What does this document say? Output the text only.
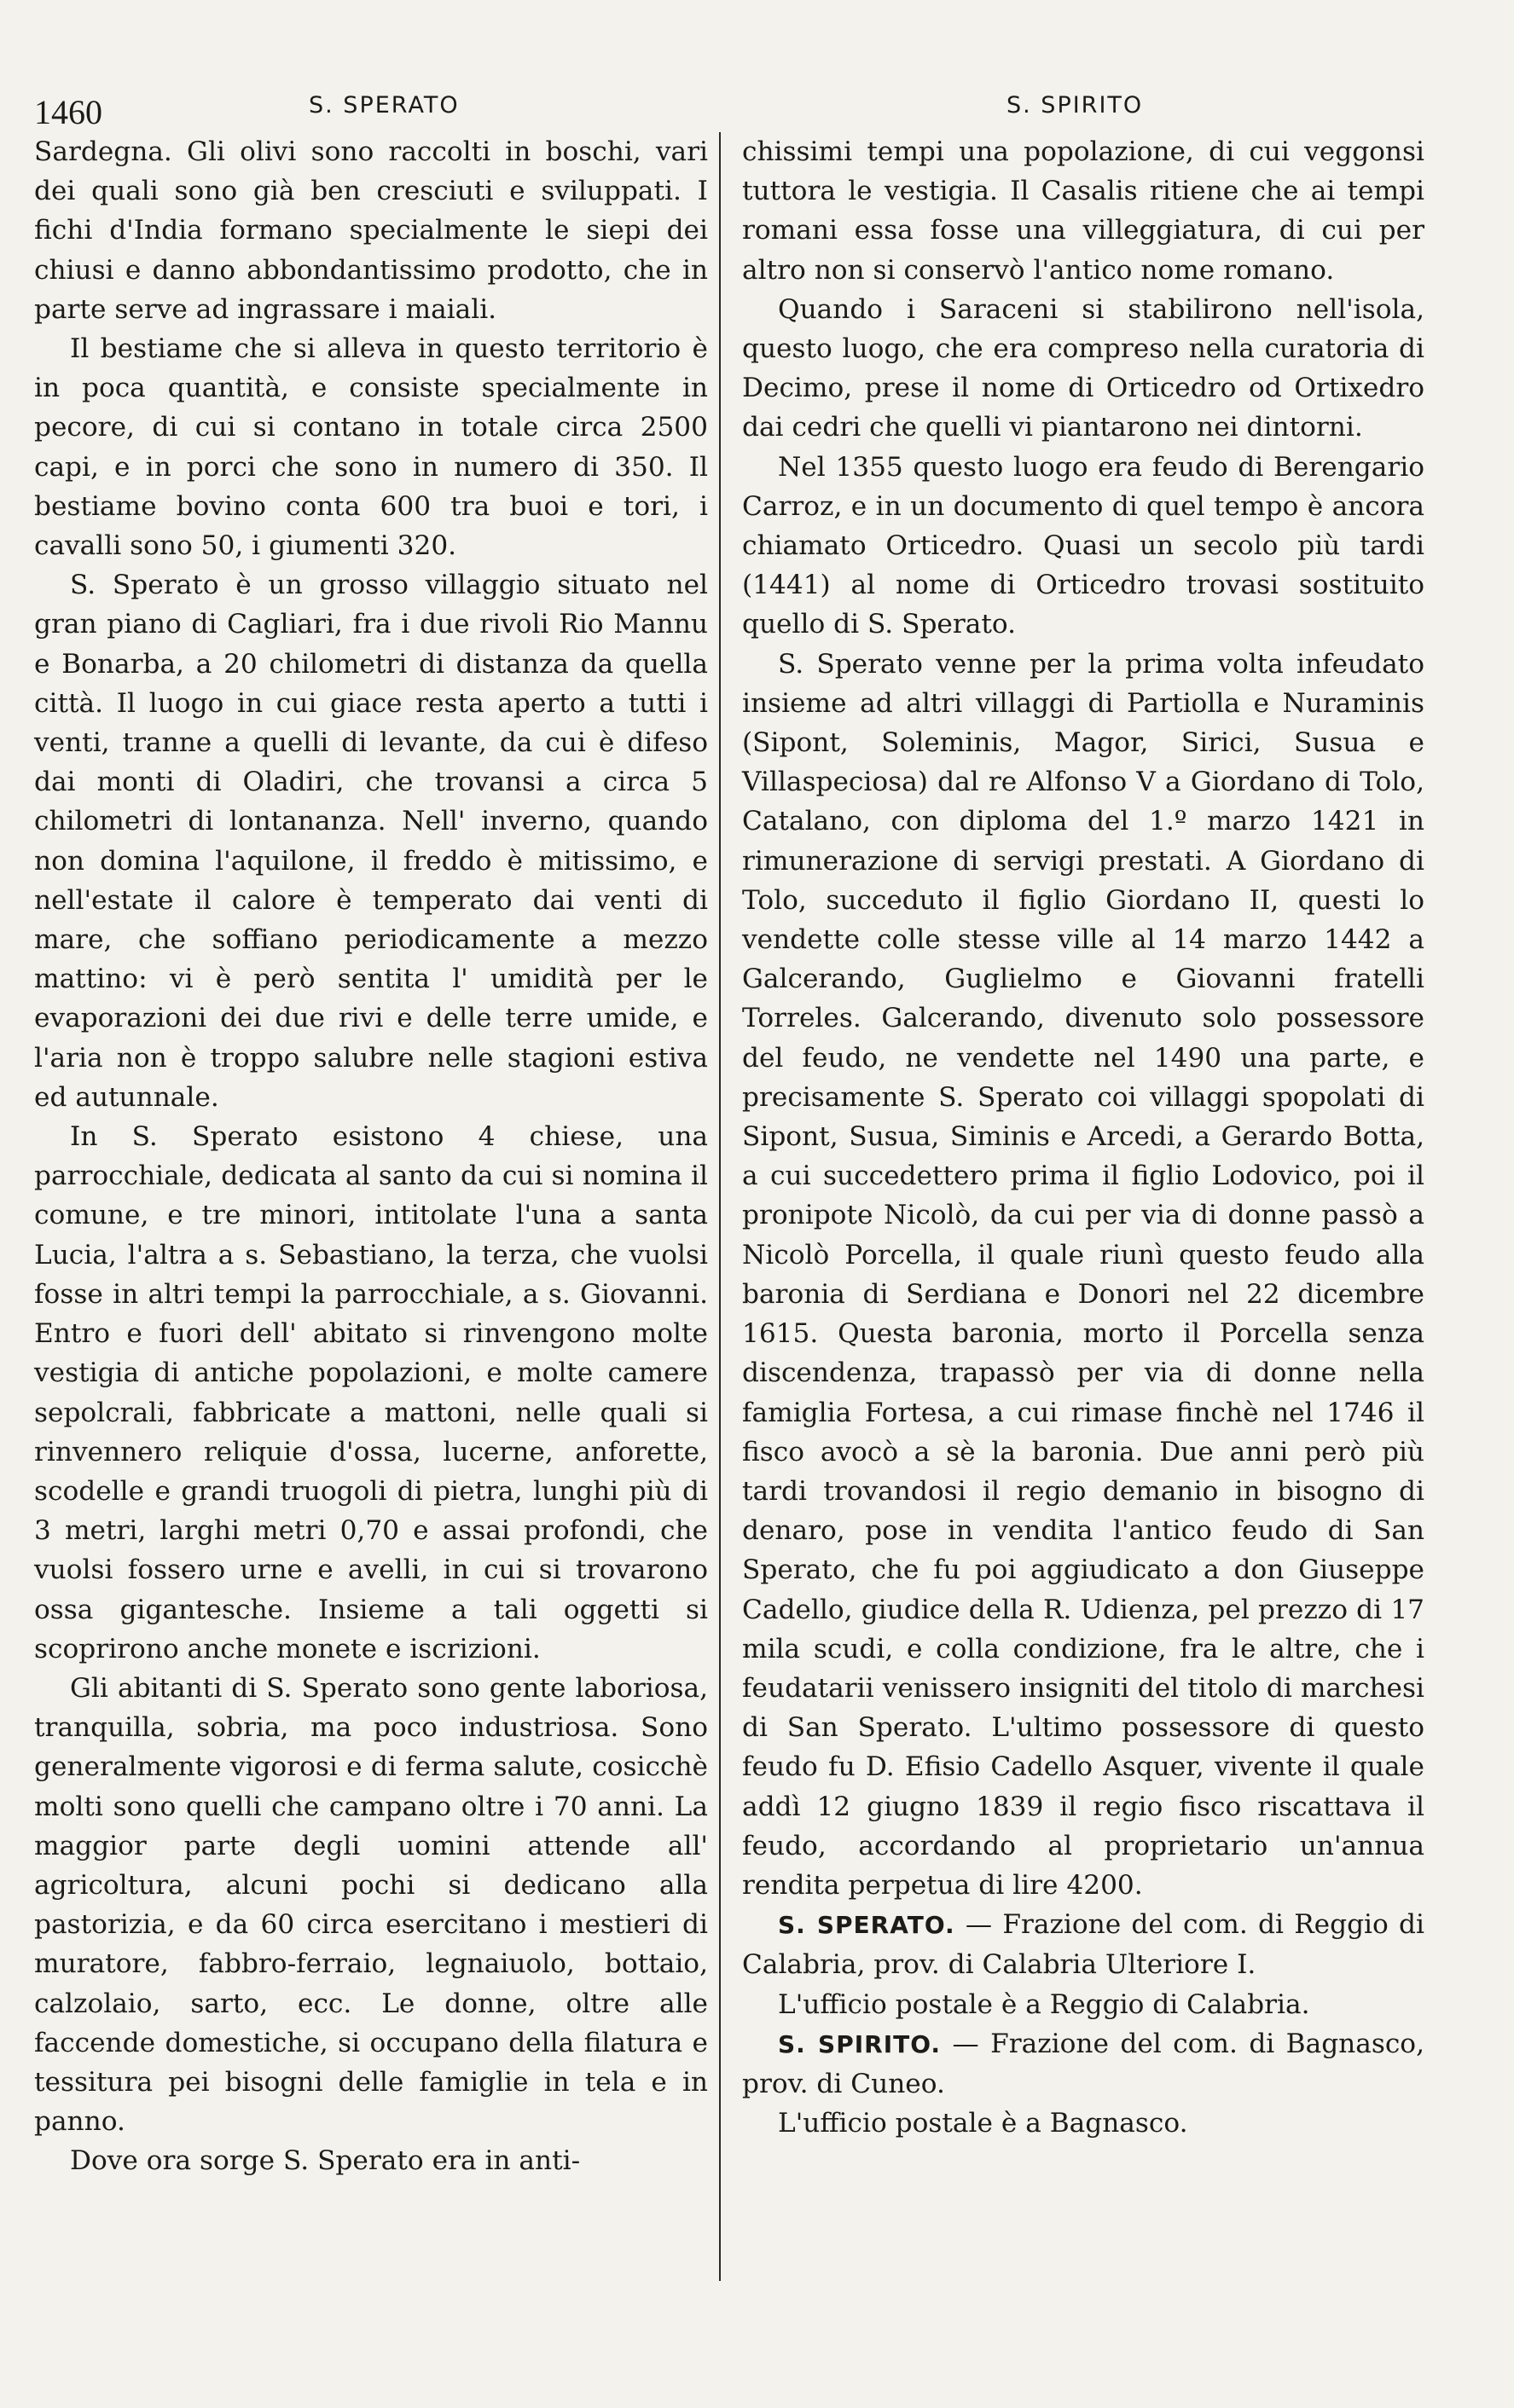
1460	S. SPERATO	S. SPIRITO

Sardegna. Gli olivi sono raccolti in boschi, vari dei quali sono già ben cresciuti e sviluppati. I fichi d'India formano specialmente le siepi dei chiusi e danno abbondantissimo prodotto, che in parte serve ad ingrassare i maiali.

Il bestiame che si alleva in questo territorio è in poca quantità, e consiste specialmente in pecore, di cui si contano in totale circa 2500 capi, e in porci che sono in numero di 350. Il bestiame bovino conta 600 tra buoi e tori, i cavalli sono 50, i giumenti 320.

S. Sperato è un grosso villaggio situato nel gran piano di Cagliari, fra i due rivoli Rio Mannu e Bonarba, a 20 chilometri di distanza da quella città. Il luogo in cui giace resta aperto a tutti i venti, tranne a quelli di levante, da cui è difeso dai monti di Oladiri, che trovansi a circa 5 chilometri di lontananza. Nell' inverno, quando non domina l'aquilone, il freddo è mitissimo, e nell'estate il calore è temperato dai venti di mare, che soffiano periodicamente a mezzo mattino: vi è però sentita l' umidità per le evaporazioni dei due rivi e delle terre umide, e l'aria non è troppo salubre nelle stagioni estiva ed autunnale.

In S. Sperato esistono 4 chiese, una parrocchiale, dedicata al santo da cui si nomina il comune, e tre minori, intitolate l'una a santa Lucia, l'altra a s. Sebastiano, la terza, che vuolsi fosse in altri tempi la parrocchiale, a s. Giovanni. Entro e fuori dell' abitato si rinvengono molte vestigia di antiche popolazioni, e molte camere sepolcrali, fabbricate a mattoni, nelle quali si rinvennero reliquie d'ossa, lucerne, anforette, scodelle e grandi truogoli di pietra, lunghi più di 3 metri, larghi metri 0,70 e assai profondi, che vuolsi fossero urne e avelli, in cui si trovarono ossa gigantesche. Insieme a tali oggetti si scoprirono anche monete e iscrizioni.

Gli abitanti di S. Sperato sono gente laboriosa, tranquilla, sobria, ma poco industriosa. Sono generalmente vigorosi e di ferma salute, cosicchè molti sono quelli che campano oltre i 70 anni. La maggior parte degli uomini attende all' agricoltura, alcuni pochi si dedicano alla pastorizia, e da 60 circa esercitano i mestieri di muratore, fabbro-ferraio, legnaiuolo, bottaio, calzolaio, sarto, ecc. Le donne, oltre alle faccende domestiche, si occupano della filatura e tessitura pei bisogni delle famiglie in tela e in panno.

Dove ora sorge S. Sperato era in anti-

chissimi tempi una popolazione, di cui veggonsi tuttora le vestigia. Il Casalis ritiene che ai tempi romani essa fosse una villeggiatura, di cui per altro non si conservò l'antico nome romano.

Quando i Saraceni si stabilirono nell'isola, questo luogo, che era compreso nella curatoria di Decimo, prese il nome di Orticedro od Ortixedro dai cedri che quelli vi piantarono nei dintorni.

Nel 1355 questo luogo era feudo di Berengario Carroz, e in un documento di quel tempo è ancora chiamato Orticedro. Quasi un secolo più tardi (1441) al nome di Orticedro trovasi sostituito quello di S. Sperato.

S. Sperato venne per la prima volta infeudato insieme ad altri villaggi di Partiolla e Nuraminis (Sipont, Soleminis, Magor, Sirici, Susua e Villaspeciosa) dal re Alfonso V a Giordano di Tolo, Catalano, con diploma del 1.º marzo 1421 in rimunerazione di servigi prestati. A Giordano di Tolo, succeduto il figlio Giordano II, questi lo vendette colle stesse ville al 14 marzo 1442 a Galcerando, Guglielmo e Giovanni fratelli Torreles. Galcerando, divenuto solo possessore del feudo, ne vendette nel 1490 una parte, e precisamente S. Sperato coi villaggi spopolati di Sipont, Susua, Siminis e Arcedi, a Gerardo Botta, a cui succedettero prima il figlio Lodovico, poi il pronipote Nicolò, da cui per via di donne passò a Nicolò Porcella, il quale riunì questo feudo alla baronia di Serdiana e Donori nel 22 dicembre 1615. Questa baronia, morto il Porcella senza discendenza, trapassò per via di donne nella famiglia Fortesa, a cui rimase finchè nel 1746 il fisco avocò a sè la baronia. Due anni però più tardi trovandosi il regio demanio in bisogno di denaro, pose in vendita l'antico feudo di San Sperato, che fu poi aggiudicato a don Giuseppe Cadello, giudice della R. Udienza, pel prezzo di 17 mila scudi, e colla condizione, fra le altre, che i feudatarii venissero insigniti del titolo di marchesi di San Sperato. L'ultimo possessore di questo feudo fu D. Efisio Cadello Asquer, vivente il quale addì 12 giugno 1839 il regio fisco riscattava il feudo, accordando al proprietario un'annua rendita perpetua di lire 4200.

S. SPERATO. — Frazione del com. di Reggio di Calabria, prov. di Calabria Ulteriore I.

L'ufficio postale è a Reggio di Calabria.

S. SPIRITO. — Frazione del com. di Bagnasco, prov. di Cuneo.

L'ufficio postale è a Bagnasco.
